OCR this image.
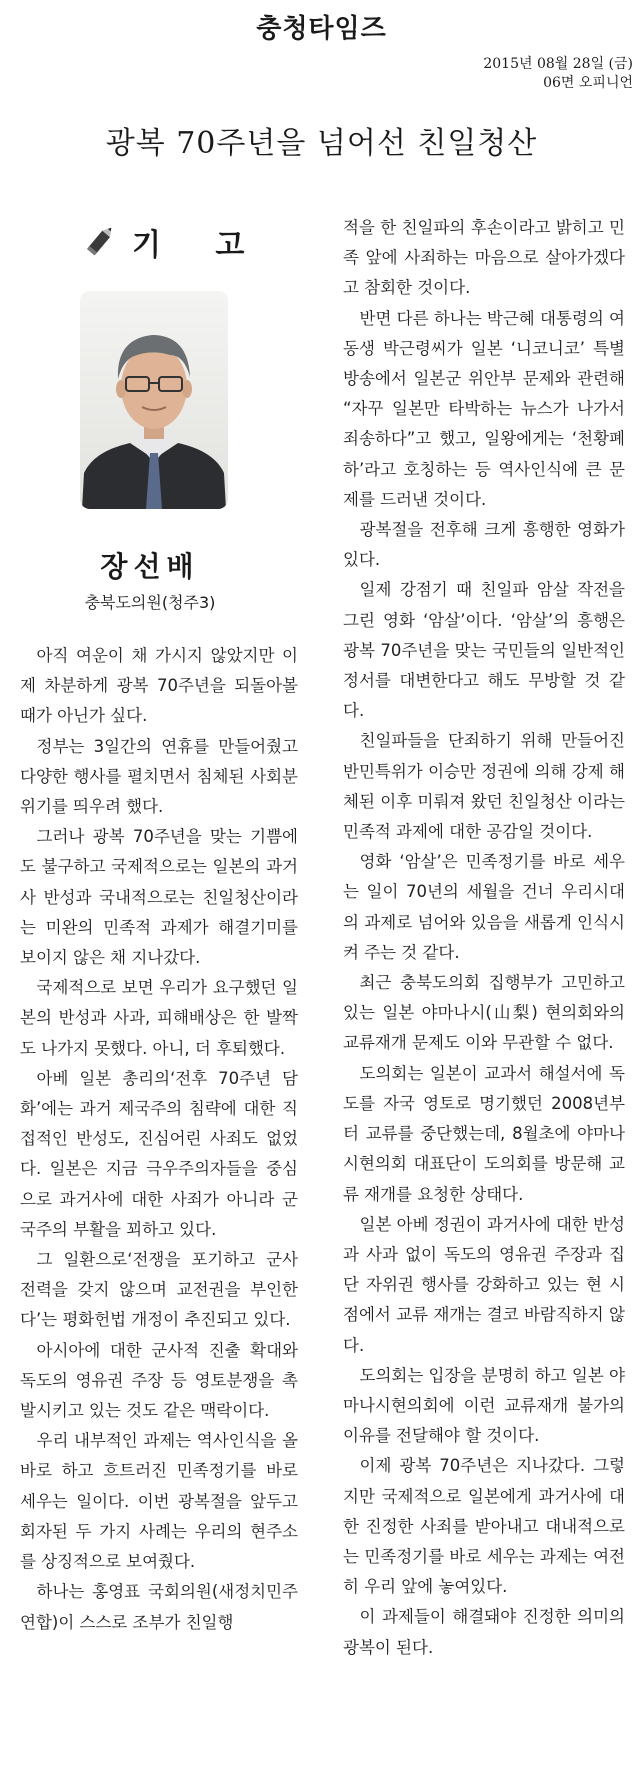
충청타임즈
2015년 08월 28일 (금)
06면 오피니언
광복 70주년을 넘어선 친일청산
기 고
장선배
충북도의원(청주3)

아직 여운이 채 가시지 않았지만 이제 차분하게 광복 70주년을 되돌아볼 때가 아닌가 싶다.

정부는 3일간의 연휴를 만들어줬고 다양한 행사를 펼치면서 침체된 사회분위기를 띄우려 했다.

그러나 광복 70주년을 맞는 기쁨에도 불구하고 국제적으로는 일본의 과거사 반성과 국내적으로는 친일청산이라는 미완의 민족적 과제가 해결기미를 보이지 않은 채 지나갔다.

국제적으로 보면 우리가 요구했던 일본의 반성과 사과, 피해배상은 한 발짝도 나가지 못했다. 아니, 더 후퇴했다.

아베 일본 총리의‘전후 70주년 담화’에는 과거 제국주의 침략에 대한 직접적인 반성도, 진심어린 사죄도 없었다. 일본은 지금 극우주의자들을 중심으로 과거사에 대한 사죄가 아니라 군국주의 부활을 꾀하고 있다.

그 일환으로‘전쟁을 포기하고 군사 전력을 갖지 않으며 교전권을 부인한다’는 평화헌법 개정이 추진되고 있다.

아시아에 대한 군사적 진출 확대와 독도의 영유권 주장 등 영토분쟁을 촉발시키고 있는 것도 같은 맥락이다.

우리 내부적인 과제는 역사인식을 올바로 하고 흐트러진 민족정기를 바로 세우는 일이다. 이번 광복절을 앞두고 회자된 두 가지 사례는 우리의 현주소를 상징적으로 보여줬다.

하나는 홍영표 국회의원(새정치민주연합)이 스스로 조부가 친일행

적을 한 친일파의 후손이라고 밝히고 민족 앞에 사죄하는 마음으로 살아가겠다고 참회한 것이다.

반면 다른 하나는 박근혜 대통령의 여동생 박근령씨가 일본 ‘니코니코’ 특별방송에서 일본군 위안부 문제와 관련해 “자꾸 일본만 타박하는 뉴스가 나가서 죄송하다”고 했고, 일왕에게는 ‘천황폐하’라고 호칭하는 등 역사인식에 큰 문제를 드러낸 것이다.

광복절을 전후해 크게 흥행한 영화가 있다.

일제 강점기 때 친일파 암살 작전을 그린 영화 ‘암살’이다. ‘암살’의 흥행은 광복 70주년을 맞는 국민들의 일반적인 정서를 대변한다고 해도 무방할 것 같다.

친일파들을 단죄하기 위해 만들어진 반민특위가 이승만 정권에 의해 강제 해체된 이후 미뤄져 왔던 친일청산 이라는 민족적 과제에 대한 공감일 것이다.

영화 ‘암살’은 민족정기를 바로 세우는 일이 70년의 세월을 건너 우리시대의 과제로 넘어와 있음을 새롭게 인식시켜 주는 것 같다.

최근 충북도의회 집행부가 고민하고 있는 일본 야마나시(山梨) 현의회와의 교류재개 문제도 이와 무관할 수 없다.

도의회는 일본이 교과서 해설서에 독도를 자국 영토로 명기했던 2008년부터 교류를 중단했는데, 8월초에 야마나시현의회 대표단이 도의회를 방문해 교류 재개를 요청한 상태다.

일본 아베 정권이 과거사에 대한 반성과 사과 없이 독도의 영유권 주장과 집단 자위권 행사를 강화하고 있는 현 시점에서 교류 재개는 결코 바람직하지 않다.

도의회는 입장을 분명히 하고 일본 야마나시현의회에 이런 교류재개 불가의 이유를 전달해야 할 것이다.

이제 광복 70주년은 지나갔다. 그렇지만 국제적으로 일본에게 과거사에 대한 진정한 사죄를 받아내고 대내적으로는 민족정기를 바로 세우는 과제는 여전히 우리 앞에 놓여있다.

이 과제들이 해결돼야 진정한 의미의 광복이 된다.
